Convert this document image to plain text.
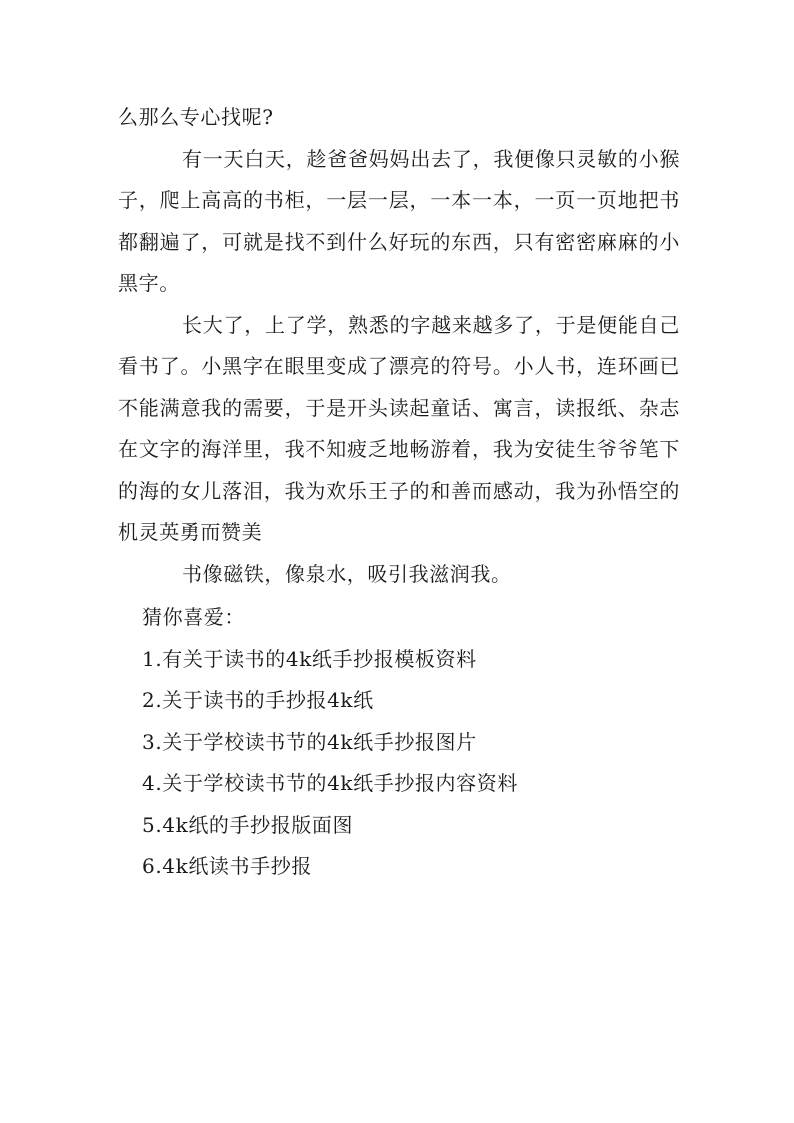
么那么专心找呢?

有一天白天，趁爸爸妈妈出去了，我便像只灵敏的小猴子，爬上高高的书柜，一层一层，一本一本，一页一页地把书都翻遍了，可就是找不到什么好玩的东西，只有密密麻麻的小黑字。

长大了，上了学，熟悉的字越来越多了，于是便能自己看书了。小黑字在眼里变成了漂亮的符号。小人书，连环画已不能满意我的需要，于是开头读起童话、寓言，读报纸、杂志在文字的海洋里，我不知疲乏地畅游着，我为安徒生爷爷笔下的海的女儿落泪，我为欢乐王子的和善而感动，我为孙悟空的机灵英勇而赞美

书像磁铁，像泉水，吸引我滋润我。

猜你喜爱：

1.有关于读书的4k纸手抄报模板资料
2.关于读书的手抄报4k纸
3.关于学校读书节的4k纸手抄报图片
4.关于学校读书节的4k纸手抄报内容资料
5.4k纸的手抄报版面图
6.4k纸读书手抄报
